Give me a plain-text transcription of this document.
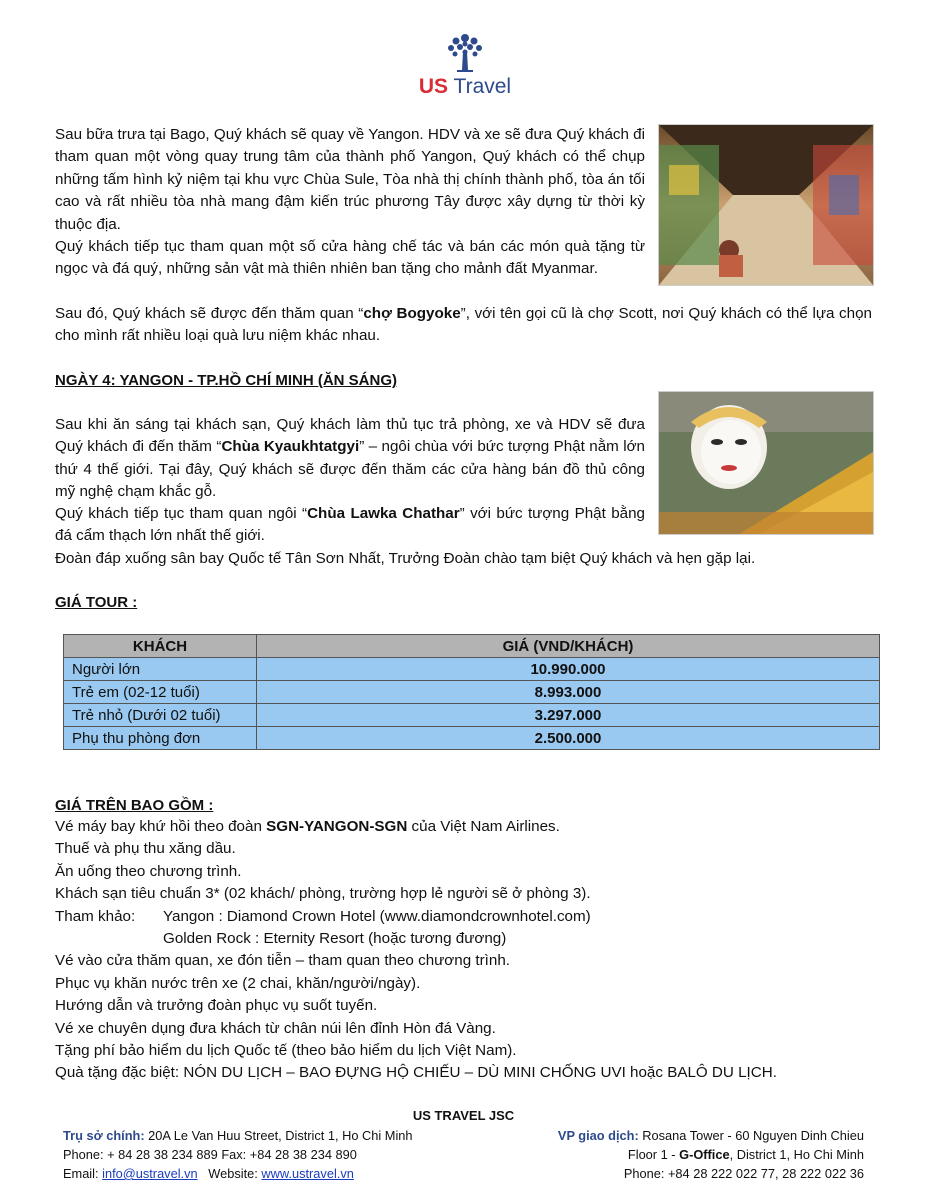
US Travel
Sau bữa trưa tại Bago, Quý khách sẽ quay về Yangon. HDV và xe sẽ đưa Quý khách đi tham quan một vòng quay trung tâm của thành phố Yangon, Quý khách có thể chụp những tấm hình kỷ niệm tại khu vực Chùa Sule, Tòa nhà thị chính thành phố, tòa án tối cao và rất nhiều tòa nhà mang đậm kiến trúc phương Tây được xây dựng từ thời kỳ thuộc địa.
Quý khách tiếp tục tham quan một số cửa hàng chế tác và bán các món quà tặng từ ngọc và đá quý, những sản vật mà thiên nhiên ban tặng cho mảnh đất Myanmar.
Sau đó, Quý khách sẽ được đến thăm quan “chợ Bogyoke”, với tên gọi cũ là chợ Scott, nơi Quý khách có thể lựa chọn cho mình rất nhiều loại quà lưu niệm khác nhau.
NGÀY 4: YANGON - TP.HỒ CHÍ MINH (ĂN SÁNG)
Sau khi ăn sáng tại khách sạn, Quý khách làm thủ tục trả phòng, xe và HDV sẽ đưa Quý khách đi đến thăm “Chùa Kyaukhtatgyi” – ngôi chùa với bức tượng Phật nằm lớn thứ 4 thế giới. Tại đây, Quý khách sẽ được đến thăm các cửa hàng bán đồ thủ công mỹ nghệ chạm khắc gỗ.
Quý khách tiếp tục tham quan ngôi “Chùa Lawka Chathar” với bức tượng Phật bằng đá cẩm thạch lớn nhất thế giới.
Đoàn đáp xuống sân bay Quốc tế Tân Sơn Nhất, Trưởng Đoàn chào tạm biệt Quý khách và hẹn gặp lại.
GIÁ TOUR :
KHÁCH	GIÁ (VND/KHÁCH)
Người lớn	10.990.000
Trẻ em (02-12 tuổi)	8.993.000
Trẻ nhỏ (Dưới 02 tuổi)	3.297.000
Phụ thu phòng đơn	2.500.000
GIÁ TRÊN BAO GỒM :
Vé máy bay khứ hồi theo đoàn SGN-YANGON-SGN của Việt Nam Airlines.
Thuế và phụ thu xăng dầu.
Ăn uống theo chương trình.
Khách sạn tiêu chuẩn 3* (02 khách/ phòng, trường hợp lẻ người sẽ ở phòng 3).
Tham khảo: Yangon : Diamond Crown Hotel (www.diamondcrownhotel.com)
Golden Rock : Eternity Resort (hoặc tương đương)
Vé vào cửa thăm quan, xe đón tiễn – tham quan theo chương trình.
Phục vụ khăn nước trên xe (2 chai, khăn/người/ngày).
Hướng dẫn và trưởng đoàn phục vụ suốt tuyến.
Vé xe chuyên dụng đưa khách từ chân núi lên đỉnh Hòn đá Vàng.
Tặng phí bảo hiểm du lịch Quốc tế (theo bảo hiểm du lịch Việt Nam).
Quà tặng đặc biệt: NÓN DU LỊCH – BAO ĐỰNG HỘ CHIẾU – DÙ MINI CHỐNG UVI hoặc BALÔ DU LỊCH.
US TRAVEL JSC
Trụ sở chính: 20A Le Van Huu Street, District 1, Ho Chi Minh
Phone: + 84 28 38 234 889 Fax: +84 28 38 234 890
Email: info@ustravel.vn   Website: www.ustravel.vn
VP giao dịch: Rosana Tower - 60 Nguyen Dinh Chieu
Floor 1 - G-Office, District 1, Ho Chi Minh
Phone: +84 28 222 022 77, 28 222 022 36
